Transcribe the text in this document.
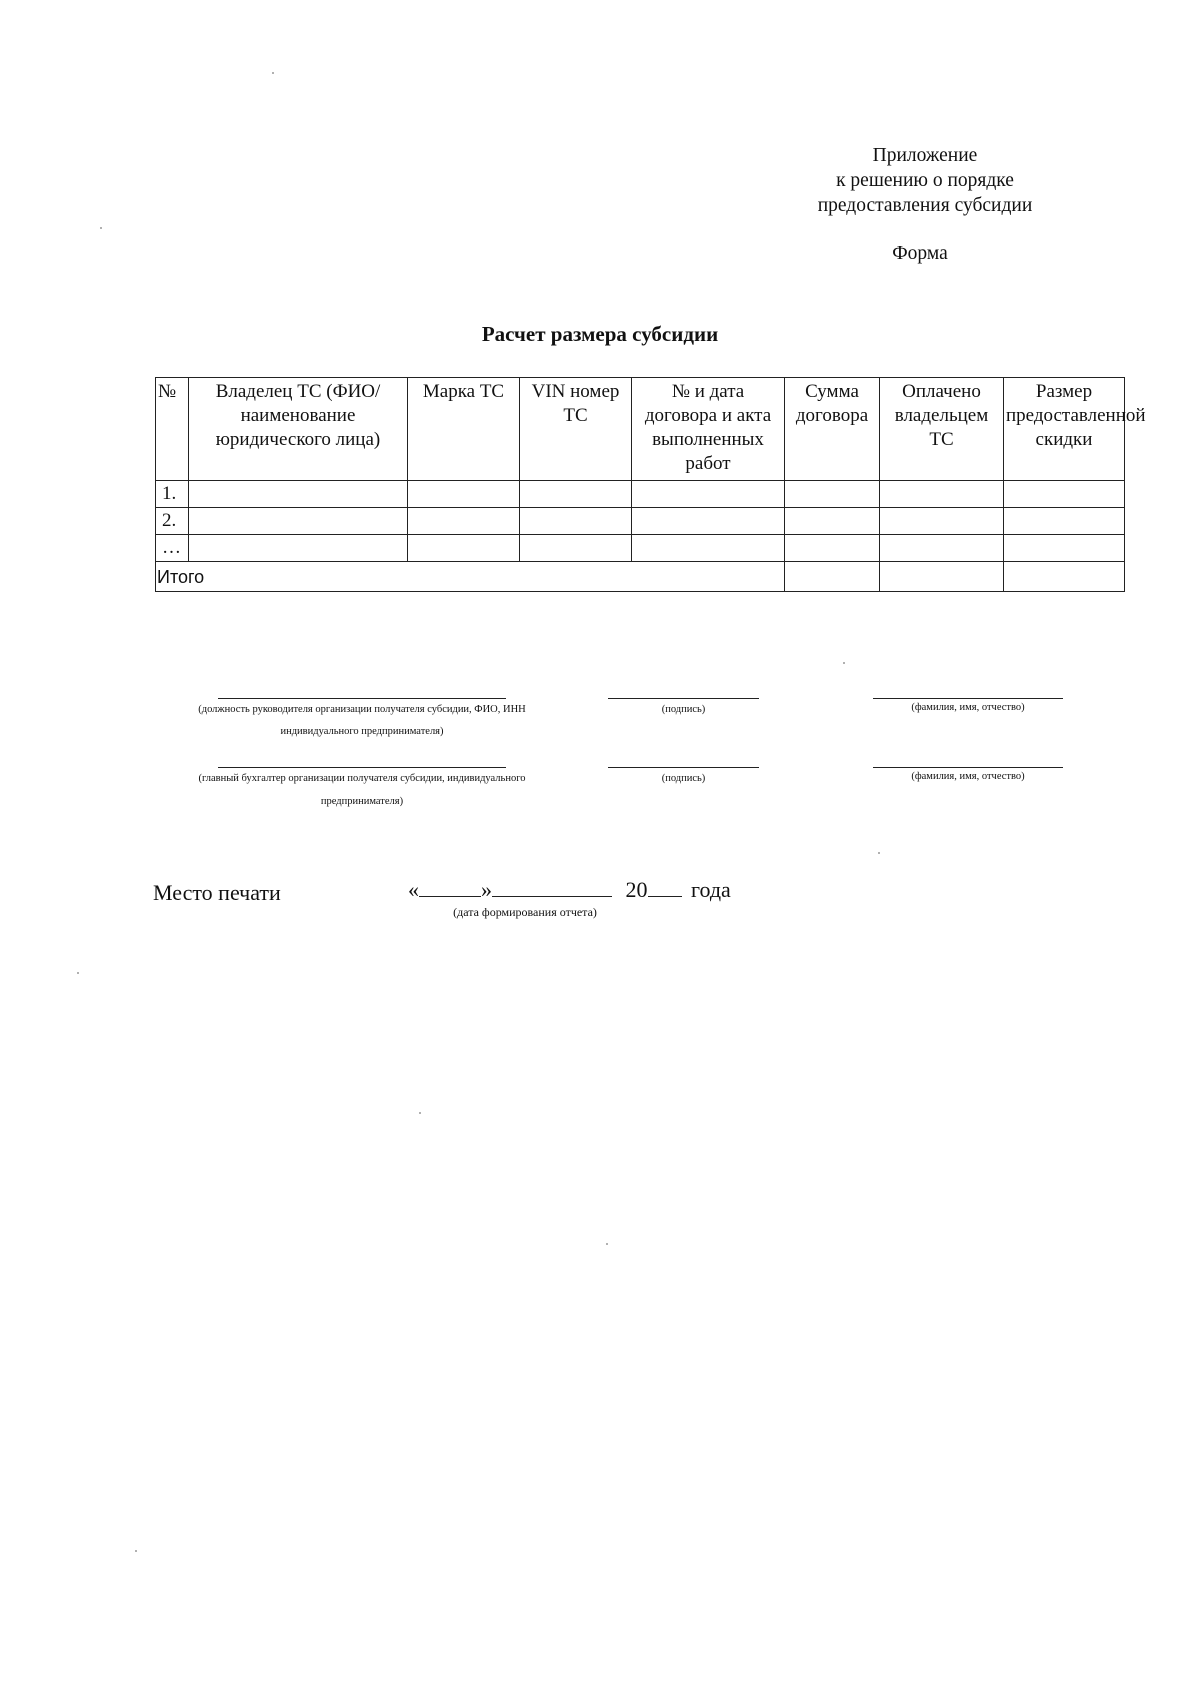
Приложение
к решению о порядке
предоставления субсидии
Форма
Расчет размера субсидии
№	Владелец ТС (ФИО/наименование юридического лица)	Марка ТС	VIN номер ТС	№ и дата договора и акта выполненных работ	Сумма договора	Оплачено владельцем ТС	Размер предоставленной скидки
1.							
2.							
…							
Итого							
(должность руководителя организации получателя субсидии, ФИО, ИНН
индивидуального предпринимателя)
(подпись)	(фамилия, имя, отчество)
(главный бухгалтер организации получателя субсидии, индивидуального
предпринимателя)
(подпись)	(фамилия, имя, отчество)
Место печати	«	»	20 года
(дата формирования отчета)
